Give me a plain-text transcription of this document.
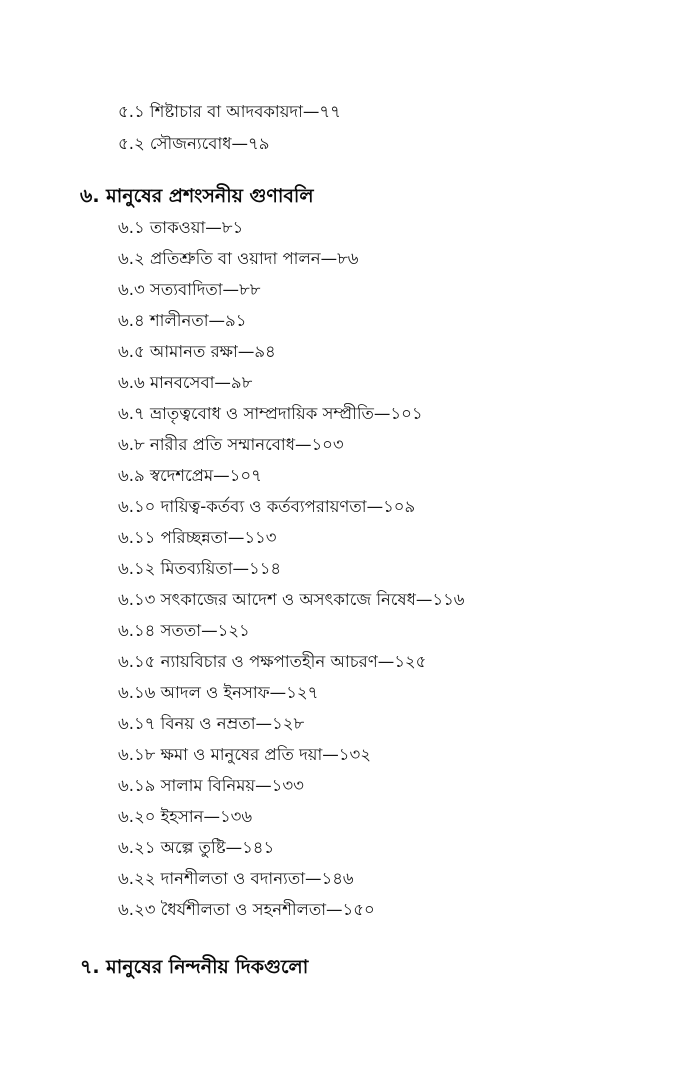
৫.১ শিষ্টাচার বা আদবকায়দা—৭৭
৫.২ সৌজন্যবোধ—৭৯
৬. মানুষের প্রশংসনীয় গুণাবলি
৬.১ তাকওয়া—৮১
৬.২ প্রতিশ্রুতি বা ওয়াদা পালন—৮৬
৬.৩ সত্যবাদিতা—৮৮
৬.৪ শালীনতা—৯১
৬.৫ আমানত রক্ষা—৯৪
৬.৬ মানবসেবা—৯৮
৬.৭ ভ্রাতৃত্ববোধ ও সাম্প্রদায়িক সম্প্রীতি—১০১
৬.৮ নারীর প্রতি সম্মানবোধ—১০৩
৬.৯ স্বদেশপ্রেম—১০৭
৬.১০ দায়িত্ব-কর্তব্য ও কর্তব্যপরায়ণতা—১০৯
৬.১১ পরিচ্ছন্নতা—১১৩
৬.১২ মিতব্যয়িতা—১১৪
৬.১৩ সৎকাজের আদেশ ও অসৎকাজে নিষেধ—১১৬
৬.১৪ সততা—১২১
৬.১৫ ন্যায়বিচার ও পক্ষপাতহীন আচরণ—১২৫
৬.১৬ আদল ও ইনসাফ—১২৭
৬.১৭ বিনয় ও নম্রতা—১২৮
৬.১৮ ক্ষমা ও মানুষের প্রতি দয়া—১৩২
৬.১৯ সালাম বিনিময়—১৩৩
৬.২০ ইহসান—১৩৬
৬.২১ অল্পে তুষ্টি—১৪১
৬.২২ দানশীলতা ও বদান্যতা—১৪৬
৬.২৩ ধৈর্যশীলতা ও সহনশীলতা—১৫০
৭. মানুষের নিন্দনীয় দিকগুলো
